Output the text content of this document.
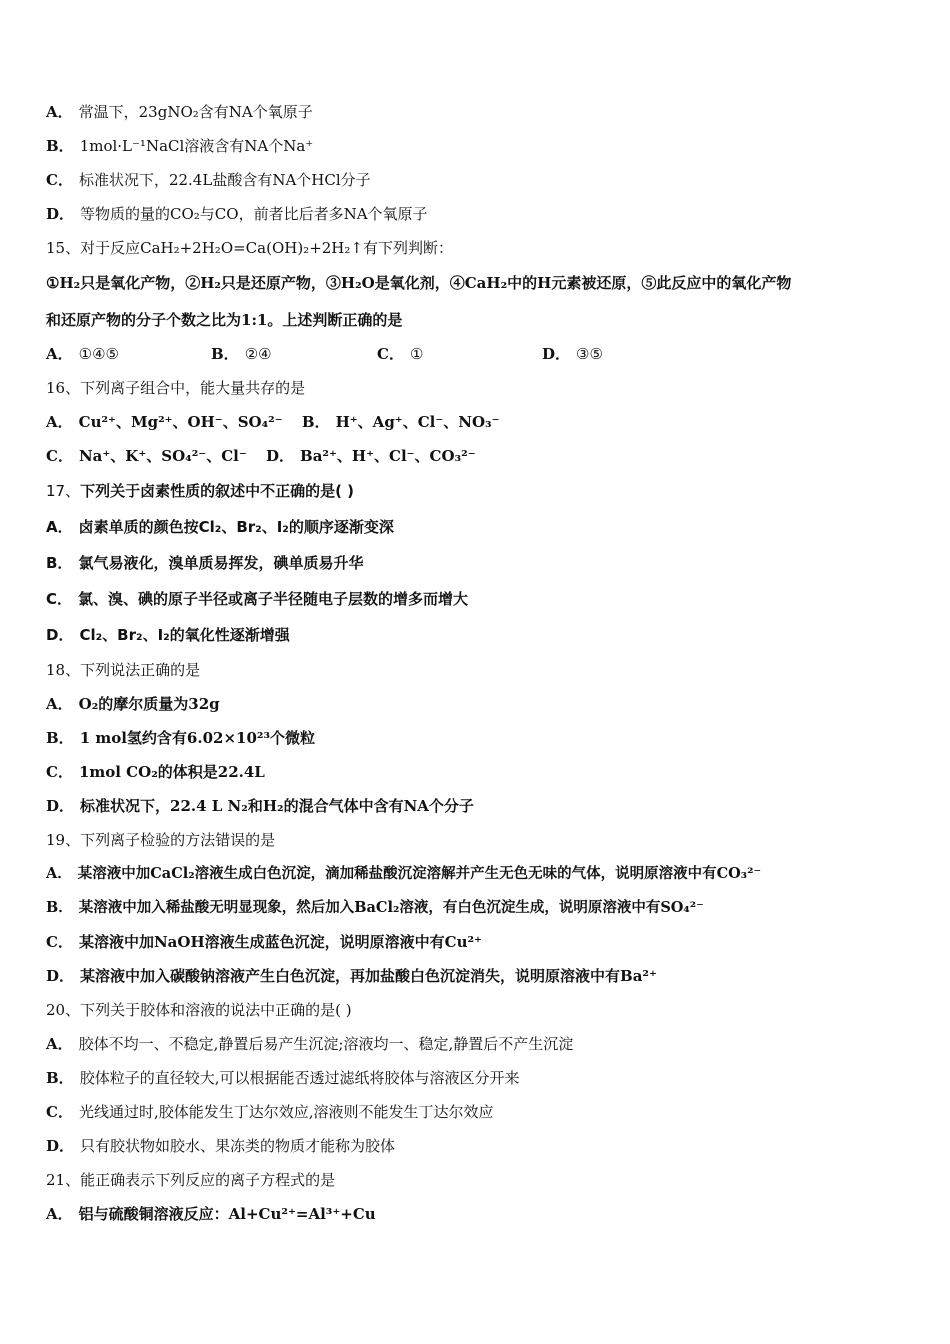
A． 常温下，23gNO₂含有NA个氧原子
B． 1mol·L⁻¹NaCl溶液含有NA个Na⁺
C． 标准状况下，22.4L盐酸含有NA个HCl分子
D． 等物质的量的CO₂与CO，前者比后者多NA个氧原子
15、对于反应CaH₂+2H₂O=Ca(OH)₂+2H₂↑有下列判断：
①H₂只是氧化产物，②H₂只是还原产物，③H₂O是氧化剂，④CaH₂中的H元素被还原，⑤此反应中的氧化产物
和还原产物的分子个数之比为1:1。上述判断正确的是
A． ①④⑤	B． ②④	C． ①	D． ③⑤
16、下列离子组合中，能大量共存的是
A． Cu²⁺、Mg²⁺、OH⁻、SO₄²⁻ B． H⁺、Ag⁺、Cl⁻、NO₃⁻
C． Na⁺、K⁺、SO₄²⁻、Cl⁻ D． Ba²⁺、H⁺、Cl⁻、CO₃²⁻
17、下列关于卤素性质的叙述中不正确的是( )
A． 卤素单质的颜色按Cl₂、Br₂、I₂的顺序逐渐变深
B． 氯气易液化，溴单质易挥发，碘单质易升华
C． 氯、溴、碘的原子半径或离子半径随电子层数的增多而增大
D． Cl₂、Br₂、I₂的氧化性逐渐增强
18、下列说法正确的是
A． O₂的摩尔质量为32g
B． 1 mol氢约含有6.02×10²³个微粒
C． 1mol CO₂的体积是22.4L
D． 标准状况下，22.4 L N₂和H₂的混合气体中含有NA个分子
19、下列离子检验的方法错误的是
A． 某溶液中加CaCl₂溶液生成白色沉淀，滴加稀盐酸沉淀溶解并产生无色无味的气体，说明原溶液中有CO₃²⁻
B． 某溶液中加入稀盐酸无明显现象，然后加入BaCl₂溶液，有白色沉淀生成，说明原溶液中有SO₄²⁻
C． 某溶液中加NaOH溶液生成蓝色沉淀，说明原溶液中有Cu²⁺
D． 某溶液中加入碳酸钠溶液产生白色沉淀，再加盐酸白色沉淀消失，说明原溶液中有Ba²⁺
20、下列关于胶体和溶液的说法中正确的是( )
A． 胶体不均一、不稳定,静置后易产生沉淀;溶液均一、稳定,静置后不产生沉淀
B． 胶体粒子的直径较大,可以根据能否透过滤纸将胶体与溶液区分开来
C． 光线通过时,胶体能发生丁达尔效应,溶液则不能发生丁达尔效应
D． 只有胶状物如胶水、果冻类的物质才能称为胶体
21、能正确表示下列反应的离子方程式的是
A． 铝与硫酸铜溶液反应：Al+Cu²⁺=Al³⁺+Cu
